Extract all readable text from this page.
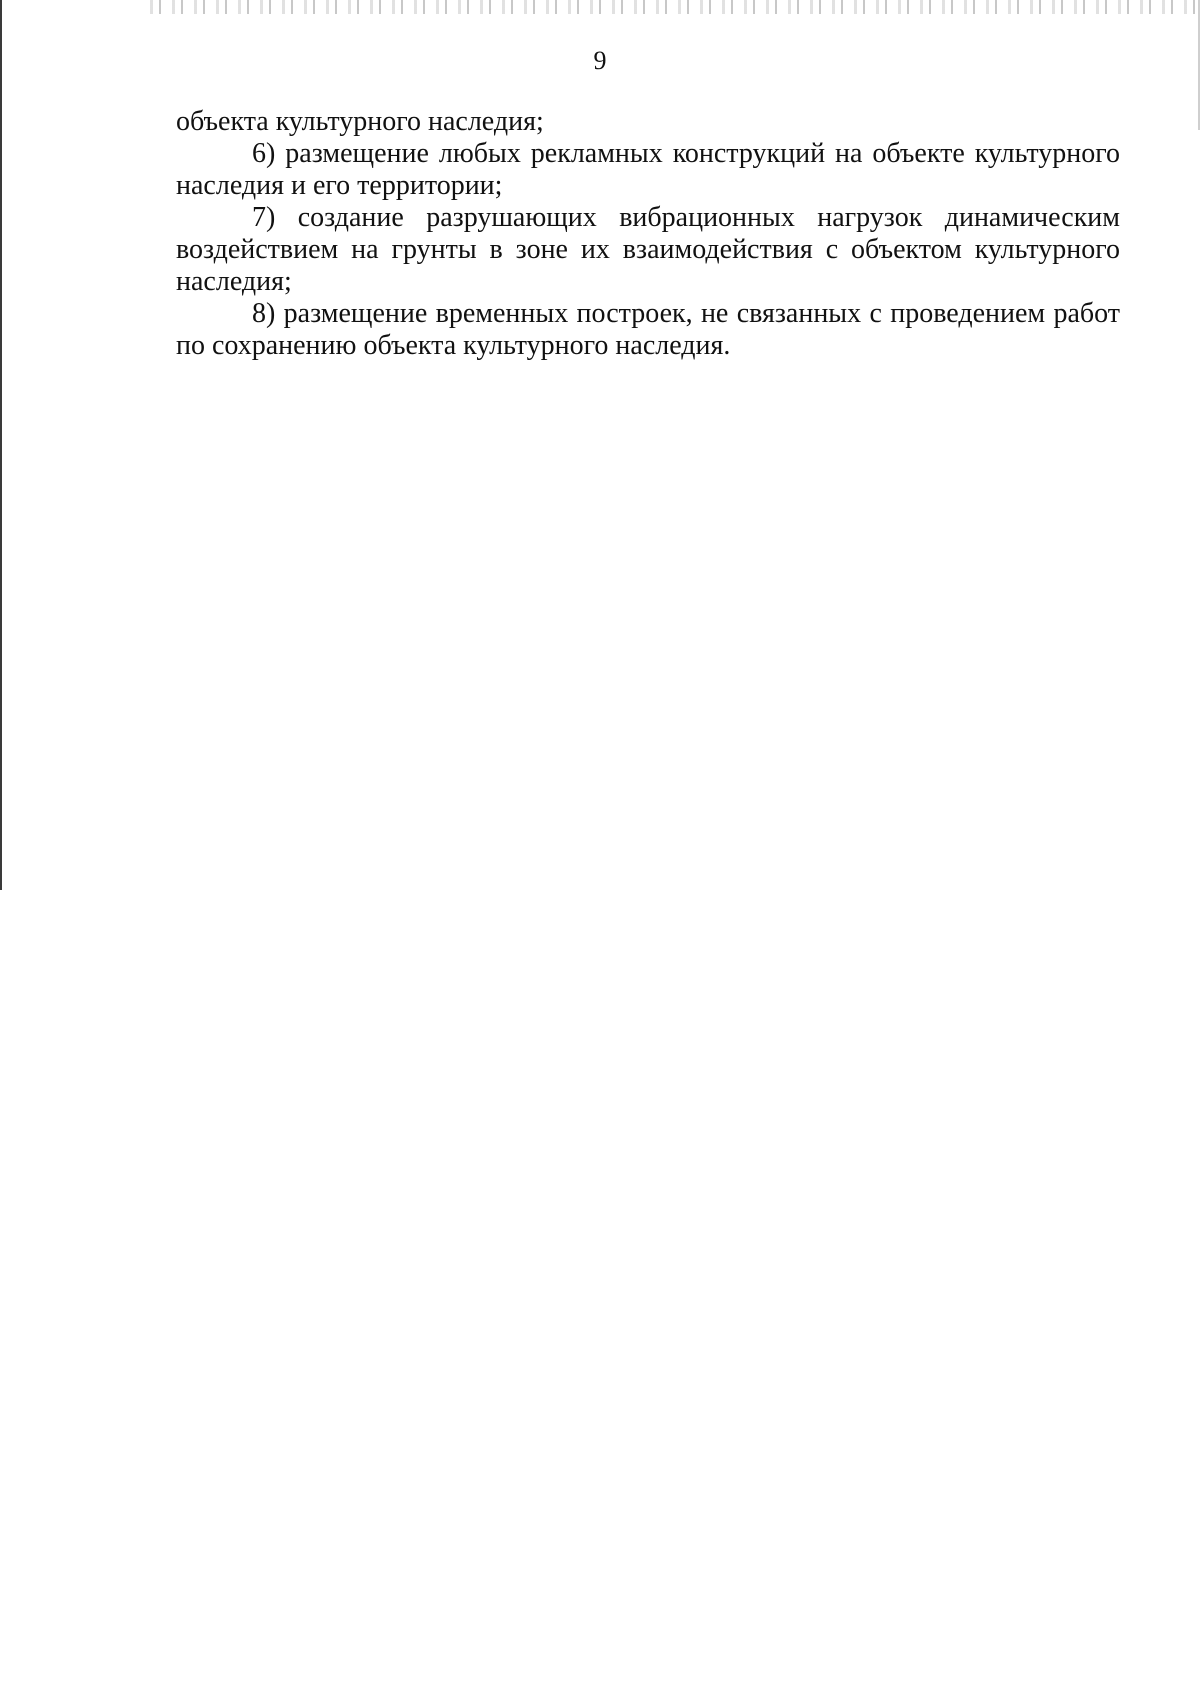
9

объекта культурного наследия;

6) размещение любых рекламных конструкций на объекте культурного наследия и его территории;

7) создание разрушающих вибрационных нагрузок динамическим воздействием на грунты в зоне их взаимодействия с объектом культурного наследия;

8) размещение временных построек, не связанных с проведением работ по сохранению объекта культурного наследия.
